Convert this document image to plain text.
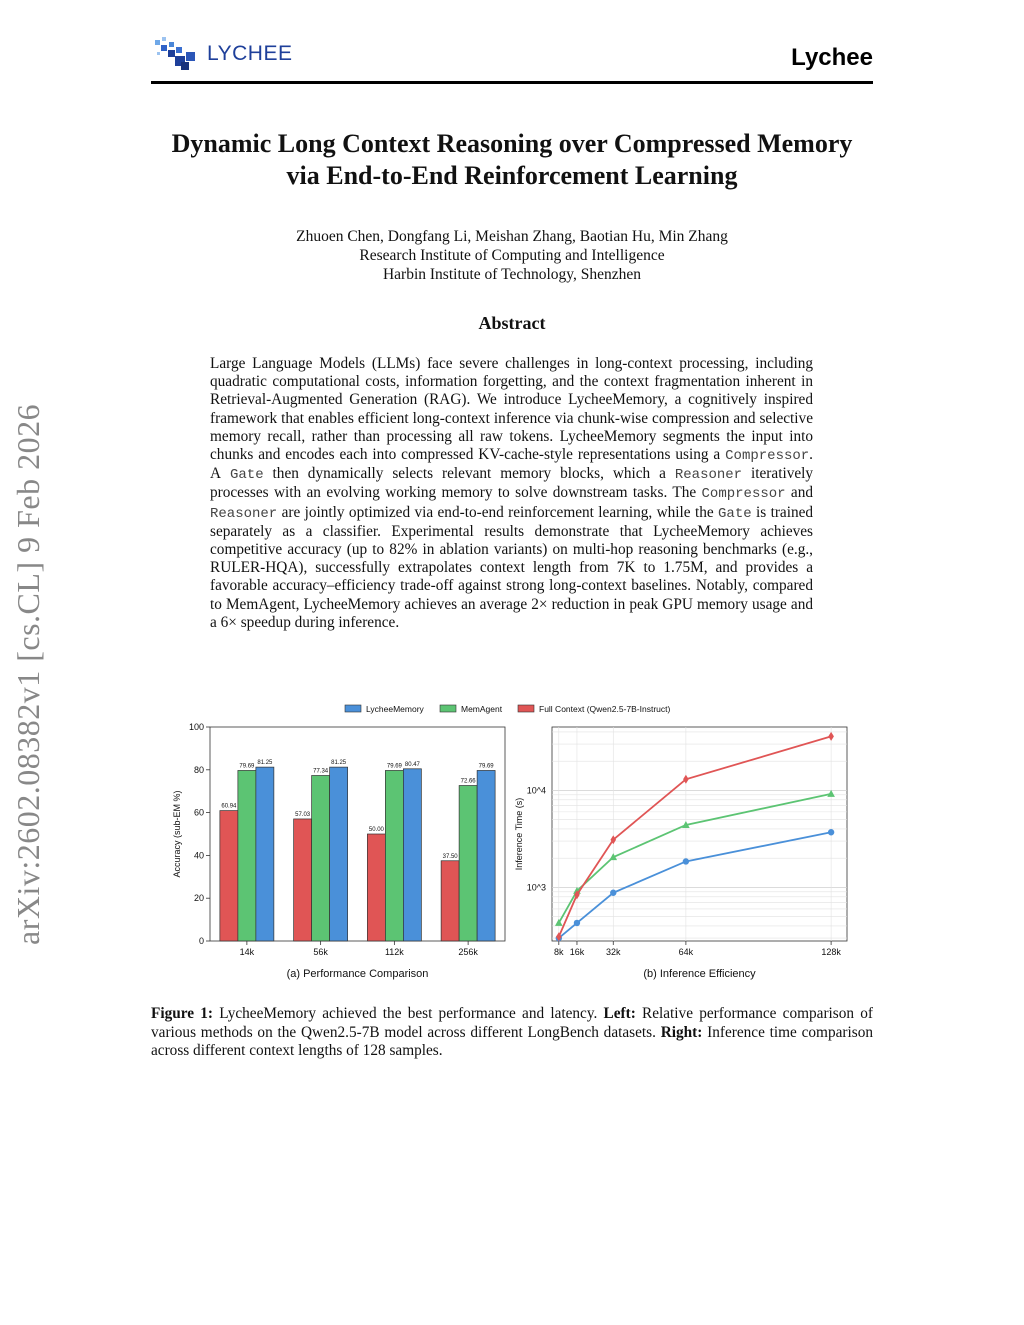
LYCHEE	Lychee
Dynamic Long Context Reasoning over Compressed Memory
via End-to-End Reinforcement Learning
Zhuoen Chen, Dongfang Li, Meishan Zhang, Baotian Hu, Min Zhang
Research Institute of Computing and Intelligence
Harbin Institute of Technology, Shenzhen
Abstract
Large Language Models (LLMs) face severe challenges in long-context processing, including quadratic computational costs, information forgetting, and the context fragmentation inherent in Retrieval-Augmented Generation (RAG). We introduce LycheeMemory, a cognitively inspired framework that enables efficient long-context inference via chunk-wise compression and selective memory recall, rather than processing all raw tokens. LycheeMemory segments the input into chunks and encodes each into compressed KV-cache-style representations using a Compressor. A Gate then dynamically selects relevant memory blocks, which a Reasoner iteratively processes with an evolving working memory to solve downstream tasks. The Compressor and Reasoner are jointly optimized via end-to-end reinforcement learning, while the Gate is trained separately as a classifier. Experimental results demonstrate that LycheeMemory achieves competitive accuracy (up to 82% in ablation variants) on multi-hop reasoning benchmarks (e.g., RULER-HQA), successfully extrapolates context length from 7K to 1.75M, and provides a favorable accuracy–efficiency trade-off against strong long-context baselines. Notably, compared to MemAgent, LycheeMemory achieves an average 2× reduction in peak GPU memory usage and a 6× speedup during inference.
arXiv:2602.08382v1 [cs.CL] 9 Feb 2026	LycheeMemory	MemAgent	Full Context (Qwen2.5-7B-Instruct)
0
20
40
60
80
100
60.94
79.69
81.25
14k
57.03
77.34
81.25
56k
50.00
79.69 80.47
112k
37.50
72.66
79.69
256k
Accuracy (sub-EM %)
(a) Performance Comparison
10^3
10^4
8k 16k 32k	64k	128k
Inference Time (s)
(b) Inference Efficiency
Figure 1: LycheeMemory achieved the best performance and latency. Left: Relative performance comparison of various methods on the Qwen2.5-7B model across different LongBench datasets. Right: Inference time comparison across different context lengths of 128 samples.
